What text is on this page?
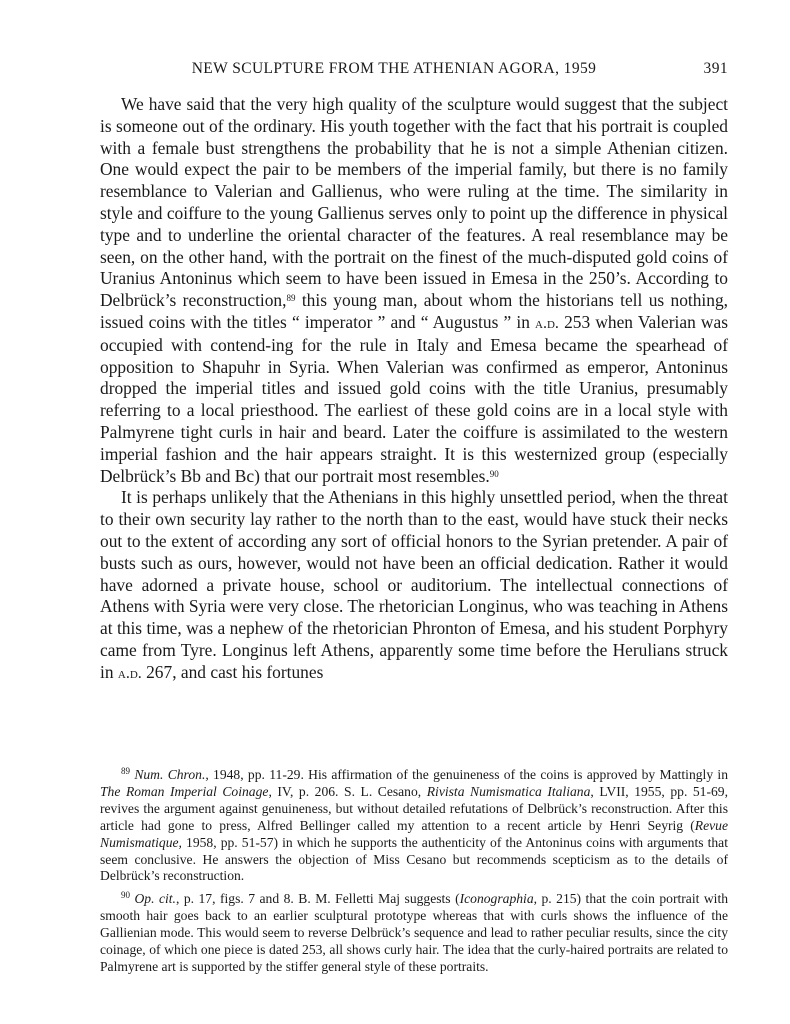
NEW SCULPTURE FROM THE ATHENIAN AGORA, 1959	391

We have said that the very high quality of the sculpture would suggest that the subject is someone out of the ordinary. His youth together with the fact that his portrait is coupled with a female bust strengthens the probability that he is not a simple Athenian citizen. One would expect the pair to be members of the imperial family, but there is no family resemblance to Valerian and Gallienus, who were ruling at the time. The similarity in style and coiffure to the young Gallienus serves only to point up the difference in physical type and to underline the oriental character of the features. A real resemblance may be seen, on the other hand, with the portrait on the finest of the much-disputed gold coins of Uranius Antoninus which seem to have been issued in Emesa in the 250’s. According to Delbrück’s reconstruction,$^{89}$ this young man, about whom the historians tell us nothing, issued coins with the titles “ imperator ” and “ Augustus ” in a.d. 253 when Valerian was occupied with contend-ing for the rule in Italy and Emesa became the spearhead of opposition to Shapuhr in Syria. When Valerian was confirmed as emperor, Antoninus dropped the imperial titles and issued gold coins with the title Uranius, presumably referring to a local priesthood. The earliest of these gold coins are in a local style with Palmyrene tight curls in hair and beard. Later the coiffure is assimilated to the western imperial fashion and the hair appears straight. It is this westernized group (especially Delbrück’s Bb and Bc) that our portrait most resembles.$^{90}$

It is perhaps unlikely that the Athenians in this highly unsettled period, when the threat to their own security lay rather to the north than to the east, would have stuck their necks out to the extent of according any sort of official honors to the Syrian pretender. A pair of busts such as ours, however, would not have been an official dedication. Rather it would have adorned a private house, school or auditorium. The intellectual connections of Athens with Syria were very close. The rhetorician Longinus, who was teaching in Athens at this time, was a nephew of the rhetorician Phronton of Emesa, and his student Porphyry came from Tyre. Longinus left Athens, apparently some time before the Herulians struck in a.d. 267, and cast his fortunes

$^{89}$ Num. Chron., 1948, pp. 11-29. His affirmation of the genuineness of the coins is approved by Mattingly in The Roman Imperial Coinage, IV, p. 206. S. L. Cesano, Rivista Numismatica Italiana, LVII, 1955, pp. 51-69, revives the argument against genuineness, but without detailed refutations of Delbrück’s reconstruction. After this article had gone to press, Alfred Bellinger called my attention to a recent article by Henri Seyrig (Revue Numismatique, 1958, pp. 51-57) in which he supports the authenticity of the Antoninus coins with arguments that seem conclusive. He answers the objection of Miss Cesano but recommends scepticism as to the details of Delbrück’s reconstruction.

$^{90}$ Op. cit., p. 17, figs. 7 and 8. B. M. Felletti Maj suggests (Iconographia, p. 215) that the coin portrait with smooth hair goes back to an earlier sculptural prototype whereas that with curls shows the influence of the Gallienian mode. This would seem to reverse Delbrück’s sequence and lead to rather peculiar results, since the city coinage, of which one piece is dated 253, all shows curly hair. The idea that the curly-haired portraits are related to Palmyrene art is supported by the stiffer general style of these portraits.
